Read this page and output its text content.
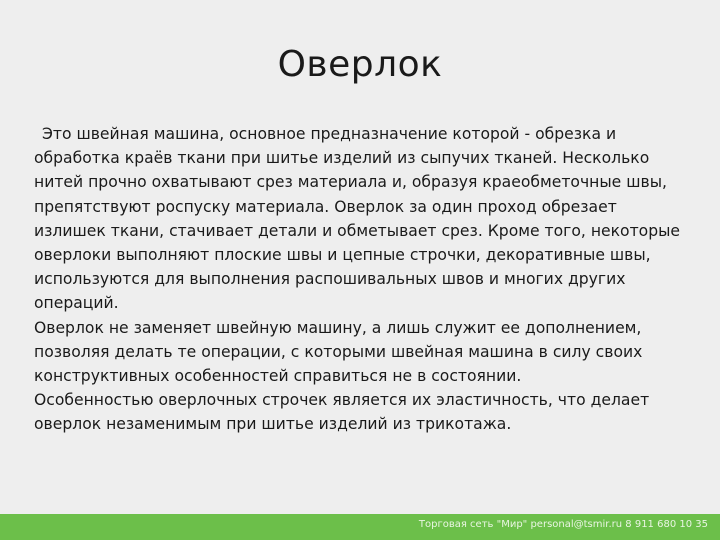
Оверлок

Это швейная машина, основное предназначение которой - обрезка и обработка краёв ткани при шитье изделий из сыпучих тканей. Несколько нитей прочно охватывают срез материала и, образуя краеобметочные швы, препятствуют роспуску материала. Оверлок за один проход обрезает излишек ткани, стачивает детали и обметывает срез. Кроме того, некоторые оверлоки выполняют плоские швы и цепные строчки, декоративные швы, используются для выполнения распошивальных швов и многих других операций.

Оверлок не заменяет швейную машину, а лишь служит ее дополнением, позволяя делать те операции, с которыми швейная машина в силу своих конструктивных особенностей справиться не в состоянии.

Особенностью оверлочных строчек является их эластичность, что делает оверлок незаменимым при шитье изделий из трикотажа.

Торговая сеть "Мир" personal@tsmir.ru 8 911 680 10 35
